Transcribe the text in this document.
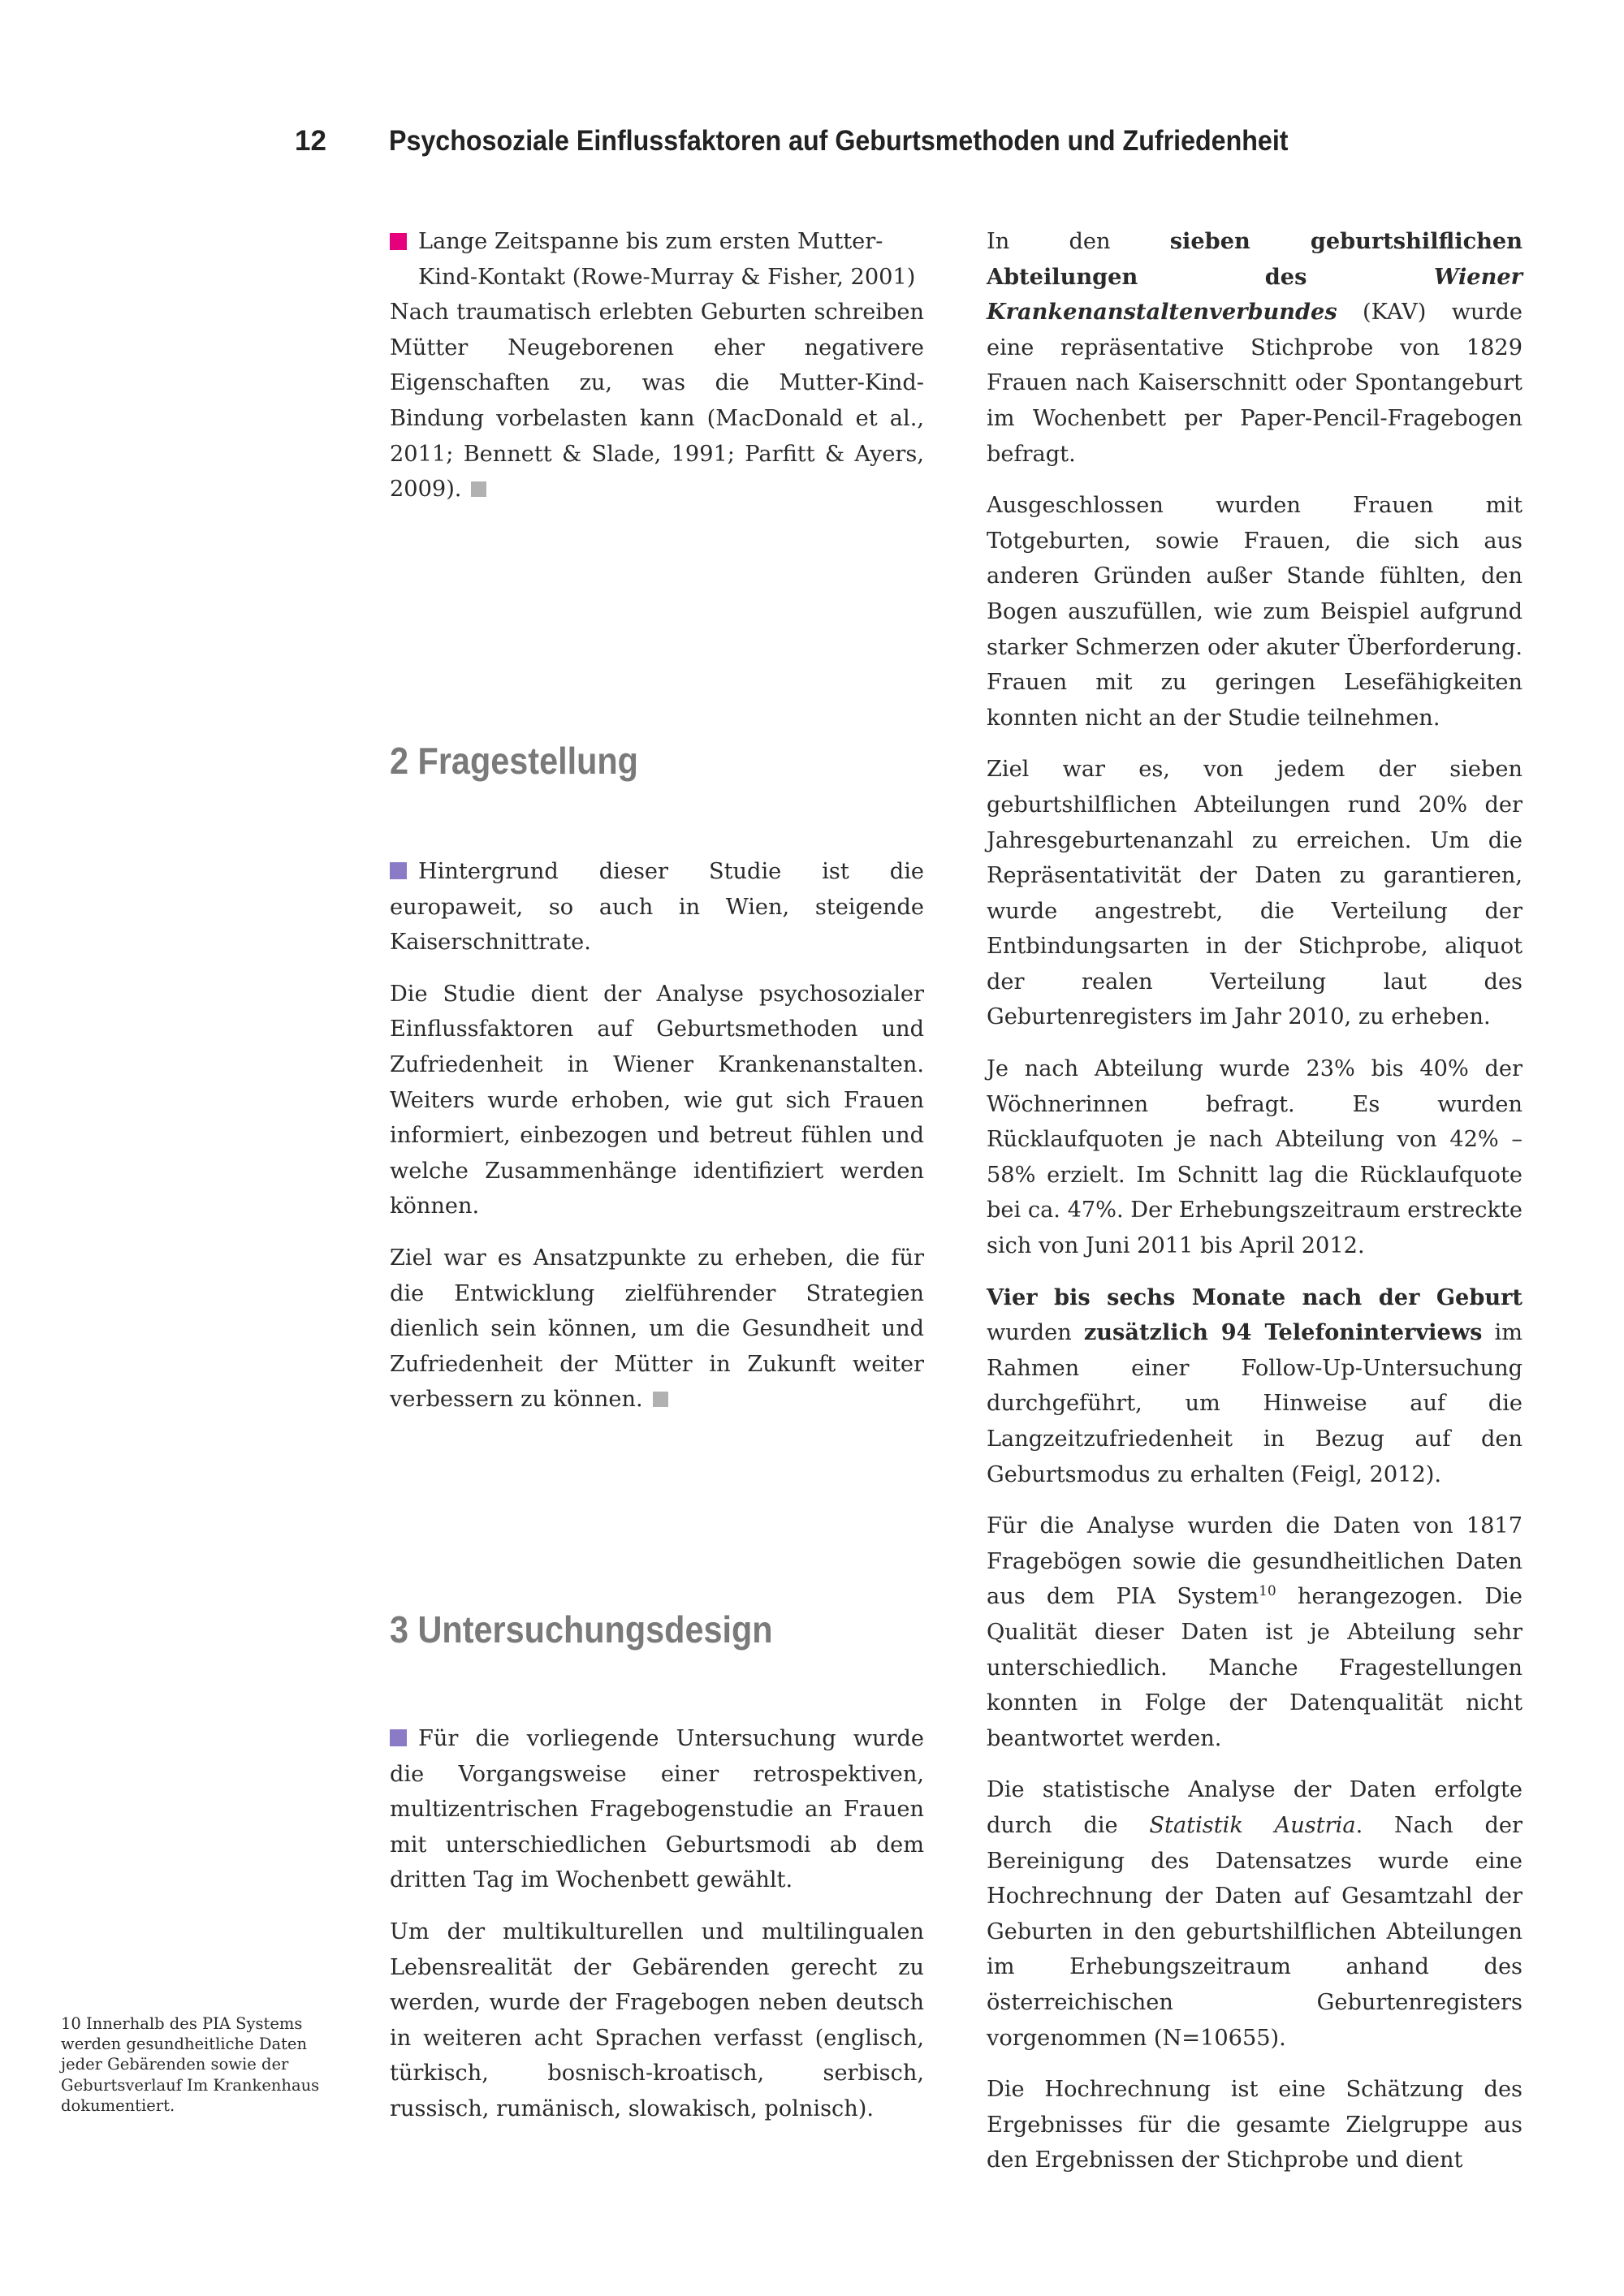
12 Psychosoziale Einflussfaktoren auf Geburtsmethoden und Zufriedenheit
Lange Zeitspanne bis zum ersten Mutter-Kind-Kontakt (Rowe-Murray & Fisher, 2001)

Nach traumatisch erlebten Geburten schreiben Mütter Neugeborenen eher negativere Eigenschaften zu, was die Mutter-Kind-Bindung vorbelasten kann (MacDonald et al., 2011; Bennett & Slade, 1991; Parfitt & Ayers, 2009).

2 Fragestellung

Hintergrund dieser Studie ist die europaweit, so auch in Wien, steigende Kaiserschnittrate.

Die Studie dient der Analyse psychosozialer Einflussfaktoren auf Geburtsmethoden und Zufriedenheit in Wiener Krankenanstalten. Weiters wurde erhoben, wie gut sich Frauen informiert, einbezogen und betreut fühlen und welche Zusammenhänge identifiziert werden können.

Ziel war es Ansatzpunkte zu erheben, die für die Entwicklung zielführender Strategien dienlich sein können, um die Gesundheit und Zufriedenheit der Mütter in Zukunft weiter verbessern zu können.

3 Untersuchungsdesign

Für die vorliegende Untersuchung wurde die Vorgangsweise einer retrospektiven, multizentrischen Fragebogenstudie an Frauen mit unterschiedlichen Geburtsmodi ab dem dritten Tag im Wochenbett gewählt.

Um der multikulturellen und multilingualen Lebensrealität der Gebärenden gerecht zu werden, wurde der Fragebogen neben deutsch in weiteren acht Sprachen verfasst (englisch, türkisch, bosnisch-kroatisch, serbisch, russisch, rumänisch, slowakisch, polnisch).

In den sieben geburtshilflichen Abteilungen des Wiener Krankenanstaltenverbundes (KAV) wurde eine repräsentative Stichprobe von 1829 Frauen nach Kaiserschnitt oder Spontangeburt im Wochenbett per Paper-Pencil-Fragebogen befragt.

Ausgeschlossen wurden Frauen mit Totgeburten, sowie Frauen, die sich aus anderen Gründen außer Stande fühlten, den Bogen auszufüllen, wie zum Beispiel aufgrund starker Schmerzen oder akuter Überforderung. Frauen mit zu geringen Lesefähigkeiten konnten nicht an der Studie teilnehmen.

Ziel war es, von jedem der sieben geburtshilflichen Abteilungen rund 20% der Jahresgeburtenanzahl zu erreichen. Um die Repräsentativität der Daten zu garantieren, wurde angestrebt, die Verteilung der Entbindungsarten in der Stichprobe, aliquot der realen Verteilung laut des Geburtenregisters im Jahr 2010, zu erheben.

Je nach Abteilung wurde 23% bis 40% der Wöchnerinnen befragt. Es wurden Rücklaufquoten je nach Abteilung von 42% – 58% erzielt. Im Schnitt lag die Rücklaufquote bei ca. 47%. Der Erhebungszeitraum erstreckte sich von Juni 2011 bis April 2012.

Vier bis sechs Monate nach der Geburt wurden zusätzlich 94 Telefoninterviews im Rahmen einer Follow-Up-Untersuchung durchgeführt, um Hinweise auf die Langzeitzufriedenheit in Bezug auf den Geburtsmodus zu erhalten (Feigl, 2012).

Für die Analyse wurden die Daten von 1817 Fragebögen sowie die gesundheitlichen Daten aus dem PIA System$^{10}$ herangezogen. Die Qualität dieser Daten ist je Abteilung sehr unterschiedlich. Manche Fragestellungen konnten in Folge der Datenqualität nicht beantwortet werden.

Die statistische Analyse der Daten erfolgte durch die Statistik Austria. Nach der Bereinigung des Datensatzes wurde eine Hochrechnung der Daten auf Gesamtzahl der Geburten in den geburtshilflichen Abteilungen im Erhebungszeitraum anhand des österreichischen Geburtenregisters vorgenommen (N=10655).

Die Hochrechnung ist eine Schätzung des Ergebnisses für die gesamte Zielgruppe aus den Ergebnissen der Stichprobe und dient

10 Innerhalb des PIA Systems werden gesundheitliche Daten jeder Gebärenden sowie der Geburtsverlauf Im Krankenhaus dokumentiert.
